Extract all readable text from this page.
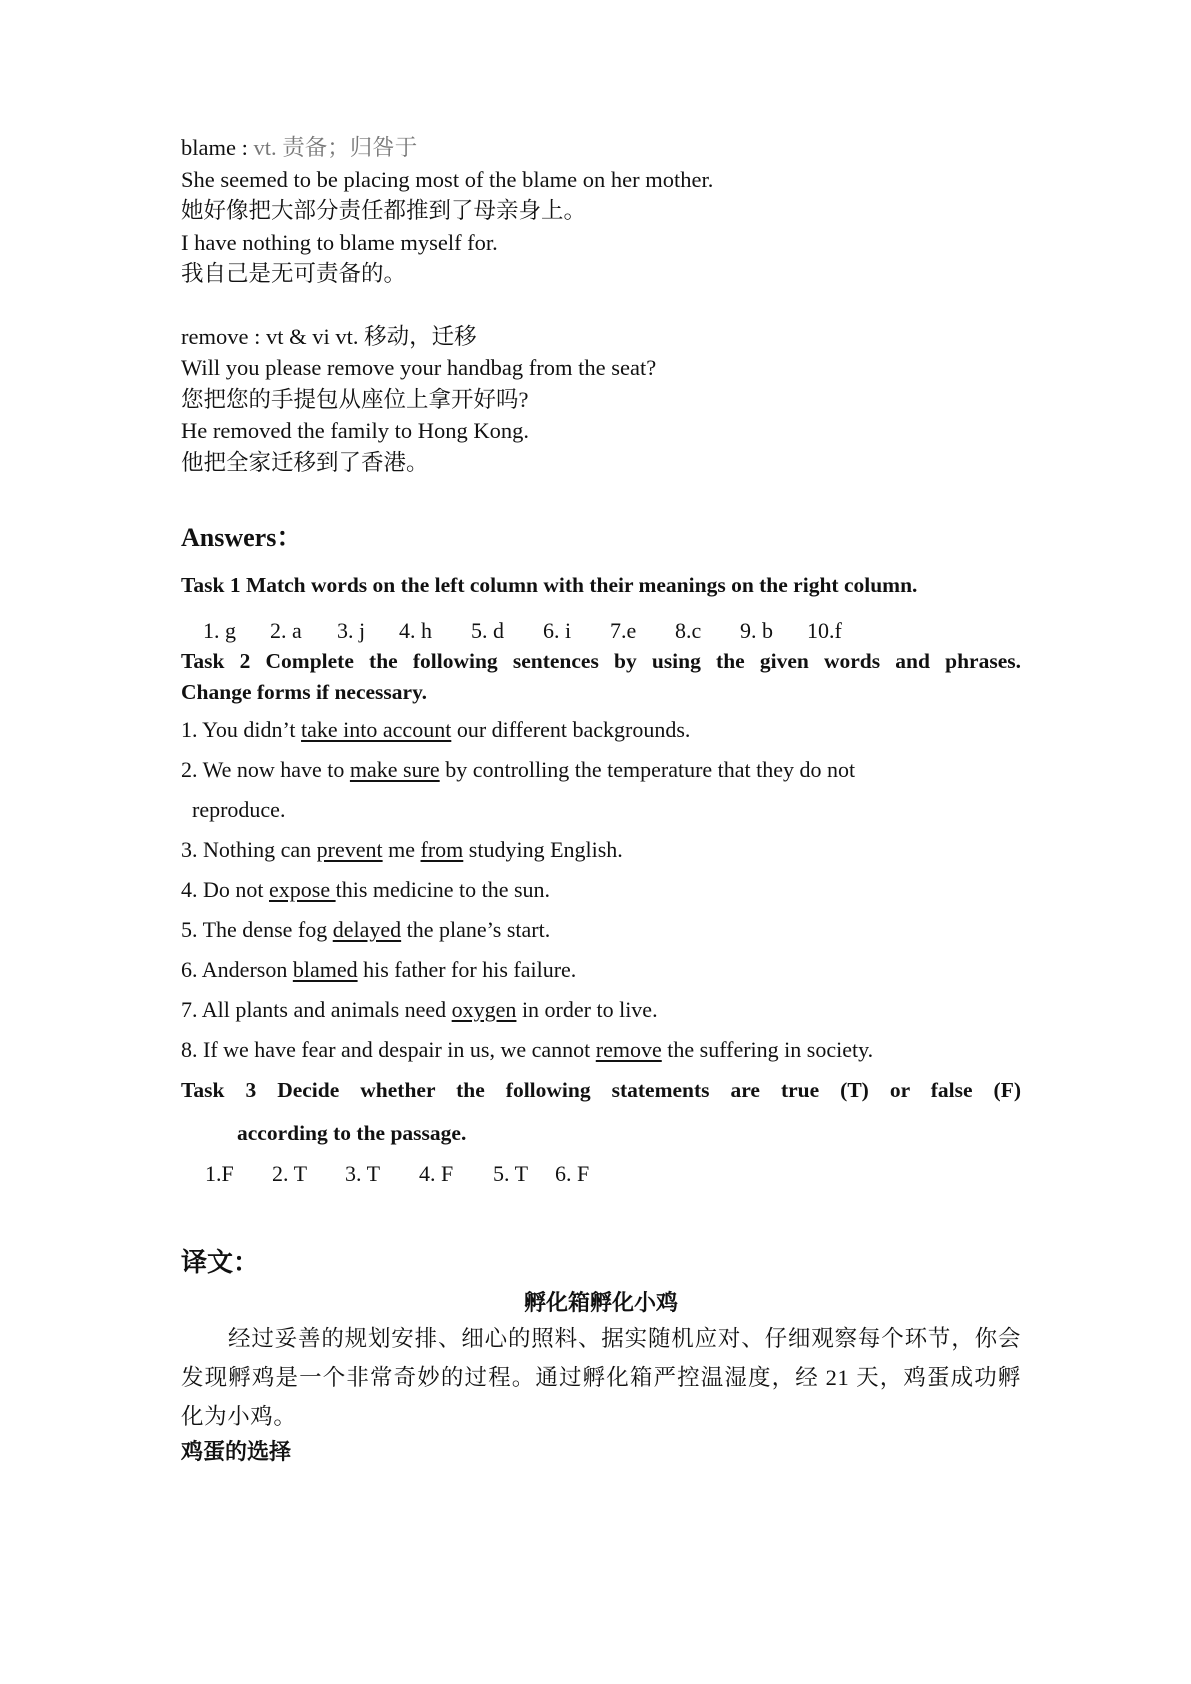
blame : vt. 责备；归咎于
She seemed to be placing most of the blame on her mother.
她好像把大部分责任都推到了母亲身上。
I have nothing to blame myself for.
我自己是无可责备的。
remove : vt & vi vt. 移动，迁移
Will you please remove your handbag from the seat?
您把您的手提包从座位上拿开好吗?
He removed the family to Hong Kong.
他把全家迁移到了香港。
Answers：
Task 1 Match words on the left column with their meanings on the right column.
1. g 2. a 3. j 4. h 5. d 6. i 7.e 8.c 9. b 10.f
Task 2 Complete the following sentences by using the given words and phrases.
Change forms if necessary.
1. You didn’t take into account our different backgrounds.
2. We now have to make sure by controlling the temperature that they do not
reproduce.
3. Nothing can prevent me from studying English.
4. Do not expose this medicine to the sun.
5. The dense fog delayed the plane’s start.
6. Anderson blamed his father for his failure.
7. All plants and animals need oxygen in order to live.
8. If we have fear and despair in us, we cannot remove the suffering in society.
Task 3 Decide whether the following statements are true (T) or false (F)
according to the passage.
1.F 2. T 3. T 4. F 5. T 6. F
译文：
孵化箱孵化小鸡
经过妥善的规划安排、细心的照料、据实随机应对、仔细观察每个环节，你会发现孵鸡是一个非常奇妙的过程。通过孵化箱严控温湿度，经 21 天，鸡蛋成功孵化为小鸡。
鸡蛋的选择
